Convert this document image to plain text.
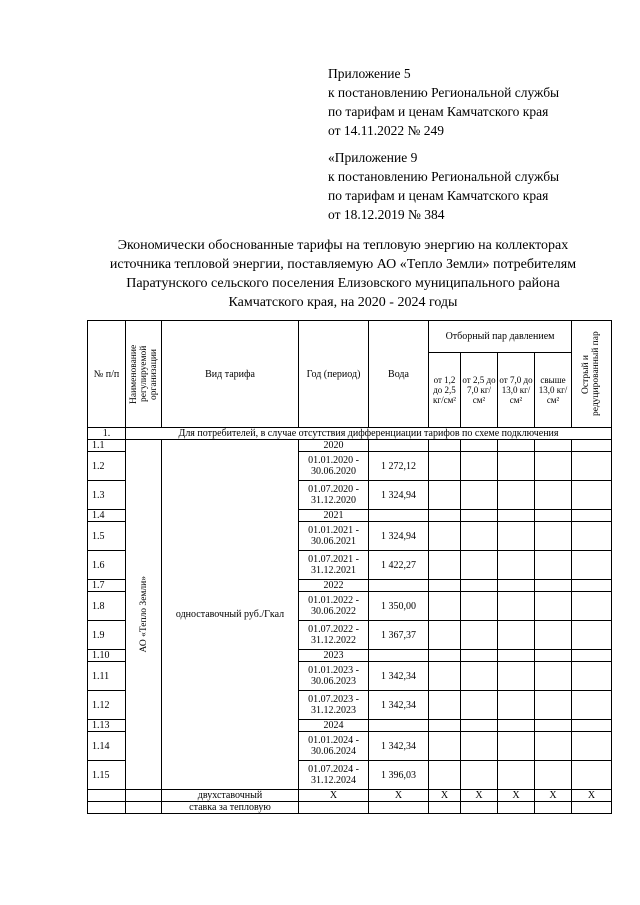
Приложение 5
к постановлению Региональной службы
по тарифам и ценам Камчатского края
от 14.11.2022 № 249
«Приложение 9
к постановлению Региональной службы
по тарифам и ценам Камчатского края
от 18.12.2019 № 384
Экономически обоснованные тарифы на тепловую энергию на коллекторах
источника тепловой энергии, поставляемую АО «Тепло Земли» потребителям
Паратунского сельского поселения Елизовского муниципального района
Камчатского края, на 2020 - 2024 годы
№ п/п	Наименование регулируемой организации	Вид тарифа	Год (период)	Вода	Отборный пар давлением				Острый и редуцированный пар

					от 1,2 до 2,5 кг/см²	от 2,5 до 7,0 кг/см²	от 7,0 до 13,0 кг/см²	свыше 13,0 кг/см²	
1.	Для потребителей, в случае отсутствия дифференциации тарифов по схеме подключения								
1.1	АО «Тепло Земли»	одноставочный руб./Гкал	2020						
1.2			01.01.2020 - 30.06.2020	1 272,12					
1.3			01.07.2020 - 31.12.2020	1 324,94					
1.4			2021						
1.5			01.01.2021 - 30.06.2021	1 324,94					
1.6			01.07.2021 - 31.12.2021	1 422,27					
1.7			2022						
1.8			01.01.2022 - 30.06.2022	1 350,00					
1.9			01.07.2022 - 31.12.2022	1 367,37					
1.10			2023						
1.11			01.01.2023 - 30.06.2023	1 342,34					
1.12			01.07.2023 - 31.12.2023	1 342,34					
1.13			2024						
1.14			01.01.2024 - 30.06.2024	1 342,34					
1.15			01.07.2024 - 31.12.2024	1 396,03					
		двухставочный	X	X	X	X	X	X	X
		ставка за тепловую							
